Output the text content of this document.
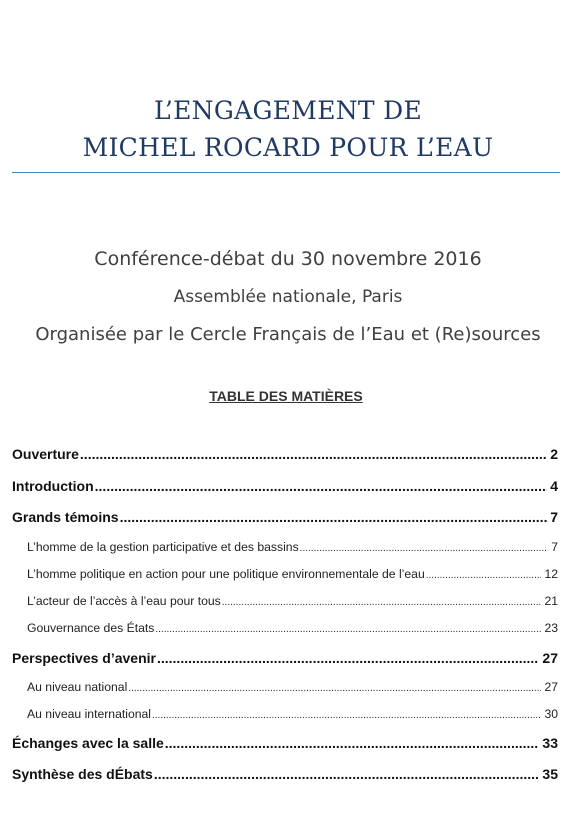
L’ENGAGEMENT DE
MICHEL ROCARD POUR L’EAU
Conférence-débat du 30 novembre 2016
Assemblée nationale, Paris
Organisée par le Cercle Français de l’Eau et (Re)sources
TABLE DES MATIÈRES
Ouverture .....	2
Introduction .....	4
Grands témoins .....	7
L’homme de la gestion participative et des bassins .....	7
L’homme politique en action pour une politique environnementale de l’eau .....	12
L’acteur de l’accès à l’eau pour tous .....	21
Gouvernance des États .....	23
Perspectives d’avenir .....	27
Au niveau national .....	27
Au niveau international .....	30
Échanges avec la salle .....	33
Synthèse des dÉbats .....	35
